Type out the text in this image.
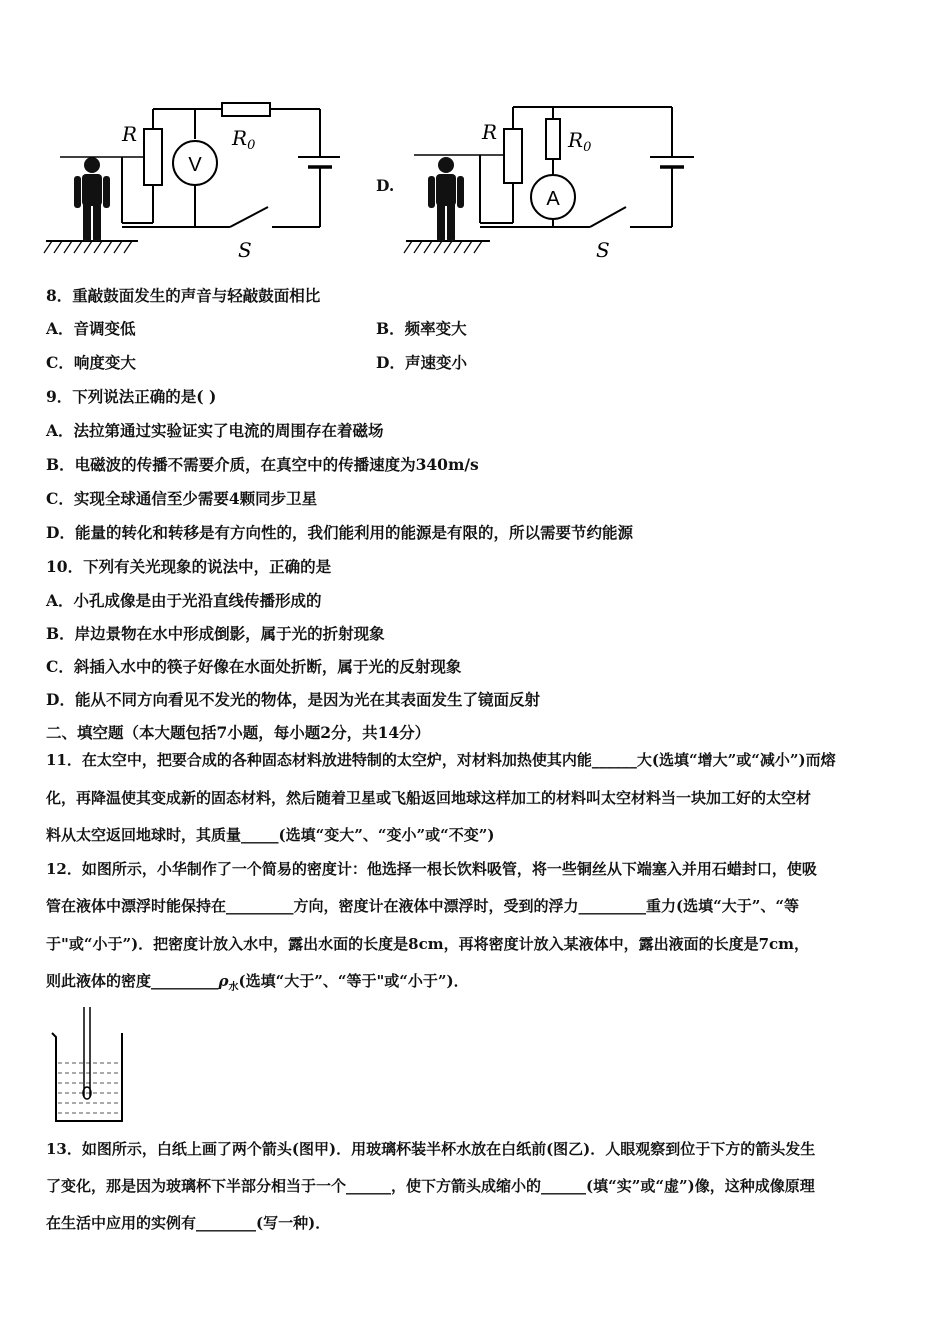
R	$R_0$
V
S
D.
R	$R_0$
A
S
8．重敲鼓面发生的声音与轻敲鼓面相比
A．音调变低	B．频率变大
C．响度变大	D．声速变小
9．下列说法正确的是( )
A．法拉第通过实验证实了电流的周围存在着磁场
B．电磁波的传播不需要介质，在真空中的传播速度为340m/s
C．实现全球通信至少需要4颗同步卫星
D．能量的转化和转移是有方向性的，我们能利用的能源是有限的，所以需要节约能源
10．下列有关光现象的说法中，正确的是
A．小孔成像是由于光沿直线传播形成的
B．岸边景物在水中形成倒影，属于光的折射现象
C．斜插入水中的筷子好像在水面处折断，属于光的反射现象
D．能从不同方向看见不发光的物体，是因为光在其表面发生了镜面反射
二、填空题（本大题包括7小题，每小题2分，共14分）
11．在太空中，把要合成的各种固态材料放进特制的太空炉，对材料加热使其内能______大(选填“增大”或“减小”)而熔
化，再降温使其变成新的固态材料，然后随着卫星或飞船返回地球这样加工的材料叫太空材料当一块加工好的太空材
料从太空返回地球时，其质量_____(选填“变大”、“变小”或“不变”)
12．如图所示，小华制作了一个简易的密度计：他选择一根长饮料吸管，将一些铜丝从下端塞入并用石蜡封口，使吸
管在液体中漂浮时能保持在_________方向，密度计在液体中漂浮时，受到的浮力_________重力(选填“大于”、“等
于"或“小于”)．把密度计放入水中，露出水面的长度是8cm，再将密度计放入某液体中，露出液面的长度是7cm，
则此液体的密度$\_\_\_\_\_\_\_\_\_\rho_水$(选填“大于”、“等于"或“小于”)．
13．如图所示，白纸上画了两个箭头(图甲)．用玻璃杯装半杯水放在白纸前(图乙)．人眼观察到位于下方的箭头发生
了变化，那是因为玻璃杯下半部分相当于一个______，使下方箭头成缩小的______(填“实”或“虚”)像，这种成像原理
在生活中应用的实例有________(写一种)．
